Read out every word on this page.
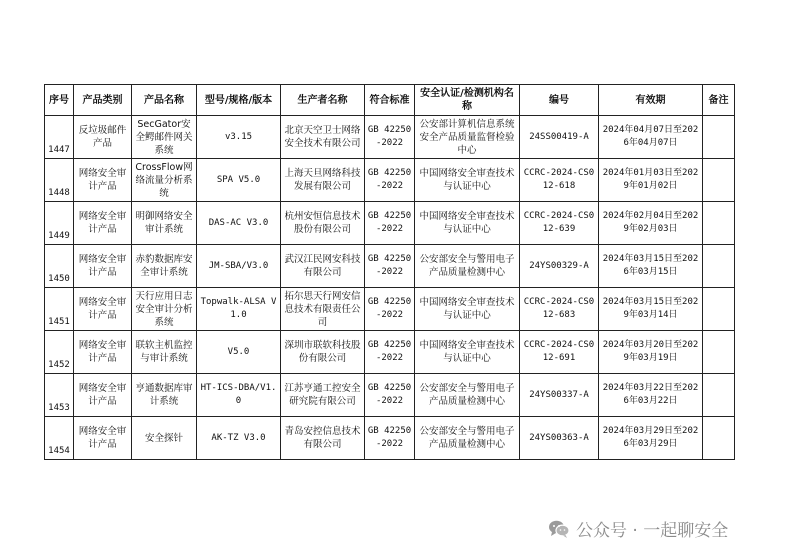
序号	产品类别	产品名称	型号/规格/版本	生产者名称	符合标准	安全认证/检测机构名称	编号	有效期	备注
1447	反垃圾邮件产品	SecGator安全鳄邮件网关系统	v3.15	北京天空卫士网络安全技术有限公司	GB 42250-2022	公安部计算机信息系统安全产品质量监督检验中心	24SS00419-A	2024年04月07日至2026年04月07日	
1448	网络安全审计产品	CrossFlow网络流量分析系统	SPA V5.0	上海天旦网络科技发展有限公司	GB 42250-2022	中国网络安全审查技术与认证中心	CCRC-2024-CS012-618	2024年01月03日至2029年01月02日	
1449	网络安全审计产品	明御网络安全审计系统	DAS-AC V3.0	杭州安恒信息技术股份有限公司	GB 42250-2022	中国网络安全审查技术与认证中心	CCRC-2024-CS012-639	2024年02月04日至2029年02月03日	
1450	网络安全审计产品	赤豹数据库安全审计系统	JM-SBA/V3.0	武汉江民网安科技有限公司	GB 42250-2022	公安部安全与警用电子产品质量检测中心	24YS00329-A	2024年03月15日至2026年03月15日	
1451	网络安全审计产品	天行应用日志安全审计分析系统	Topwalk-ALSA V1.0	拓尔思天行网安信息技术有限责任公司	GB 42250-2022	中国网络安全审查技术与认证中心	CCRC-2024-CS012-683	2024年03月15日至2029年03月14日	
1452	网络安全审计产品	联软主机监控与审计系统	V5.0	深圳市联软科技股份有限公司	GB 42250-2022	中国网络安全审查技术与认证中心	CCRC-2024-CS012-691	2024年03月20日至2029年03月19日	
1453	网络安全审计产品	亨通数据库审计系统	HT-ICS-DBA/V1.0	江苏亨通工控安全研究院有限公司	GB 42250-2022	公安部安全与警用电子产品质量检测中心	24YS00337-A	2024年03月22日至2026年03月22日	
1454	网络安全审计产品	安全探针	AK-TZ V3.0	青岛安控信息技术有限公司	GB 42250-2022	公安部安全与警用电子产品质量检测中心	24YS00363-A	2024年03月29日至2026年03月29日	
公众号 · 一起聊安全
